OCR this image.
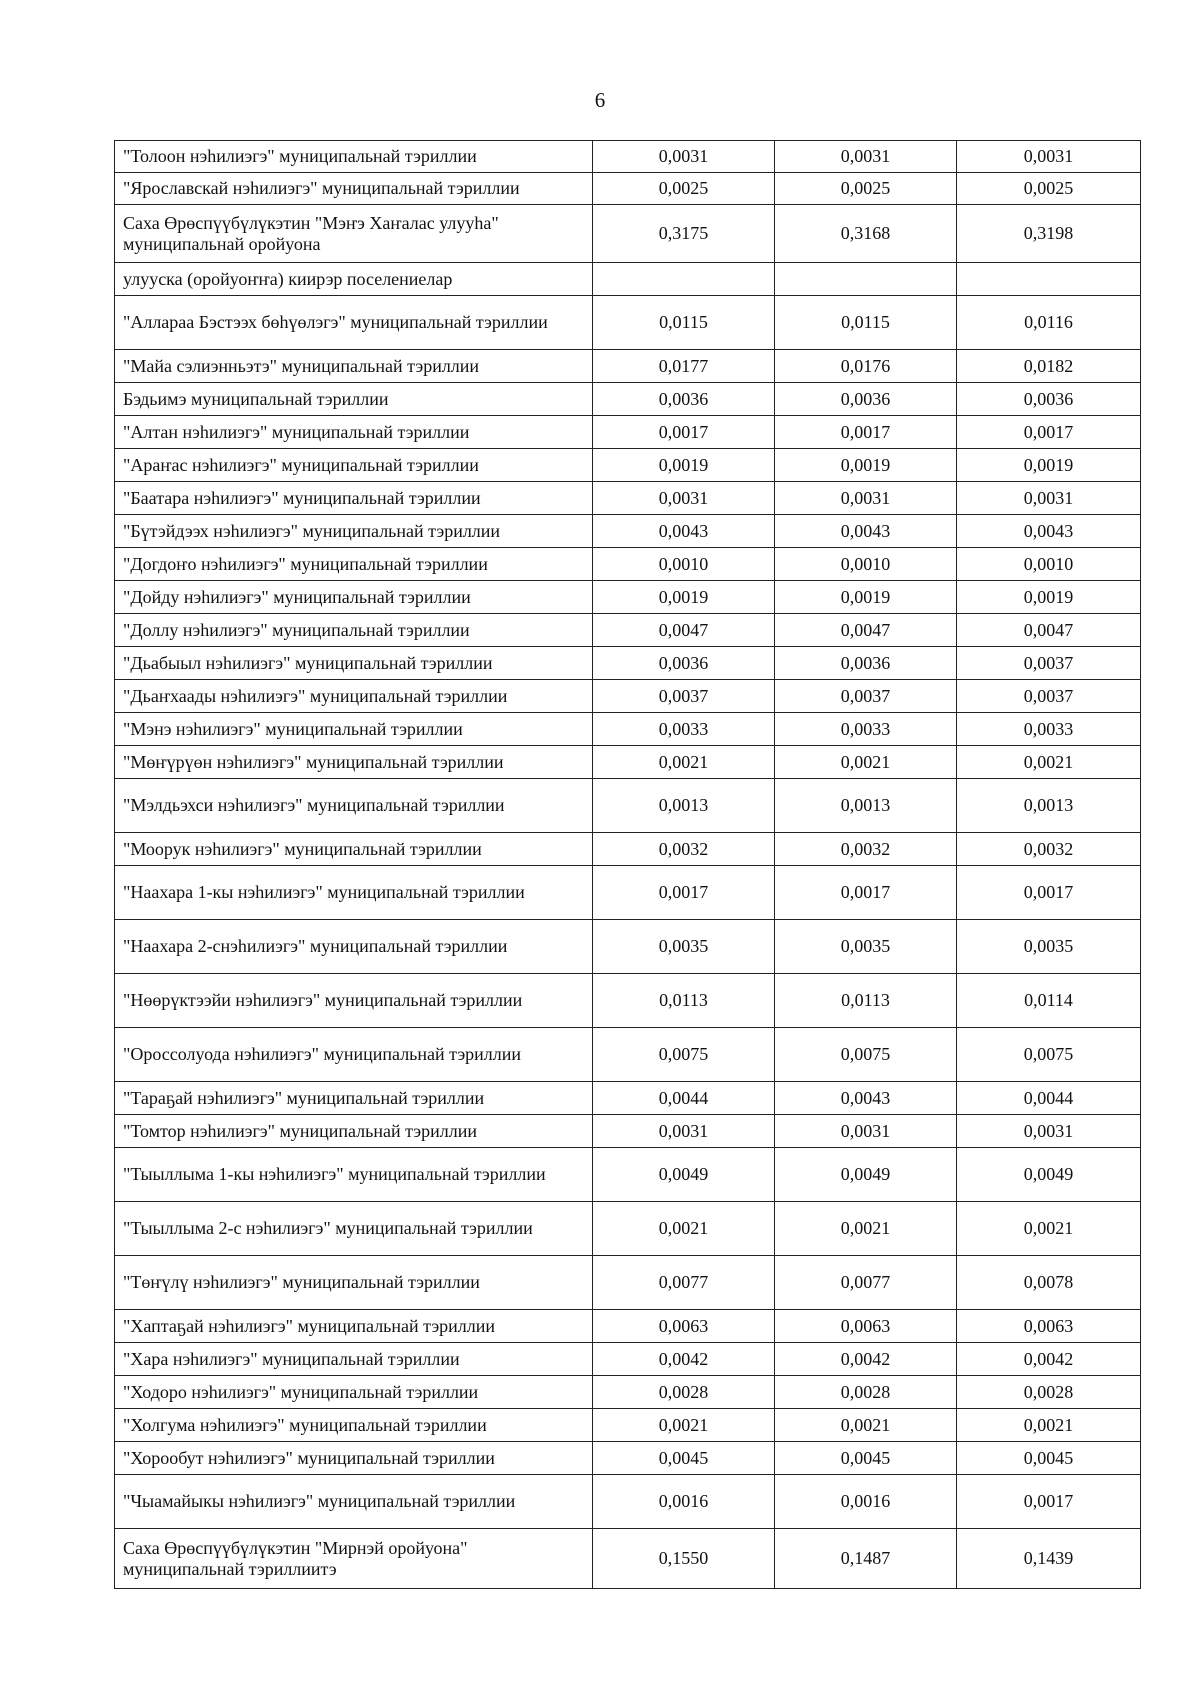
6
"Толоон нэhилиэгэ" муниципальнай тэриллии	0,0031	0,0031	0,0031
"Ярославскай нэhилиэгэ" муниципальнай тэриллии	0,0025	0,0025	0,0025
Саха Өрөспүүбүлүкэтин "Мэҥэ Хаҥалас улууhа" муниципальнай оройуона	0,3175	0,3168	0,3198
улууска (оройуоҥҥа) киирэр поселениелар			
"Аллараа Бэстээх бөhүөлэгэ" муниципальнай тэриллии	0,0115	0,0115	0,0116
"Майа сэлиэнньэтэ" муниципальнай тэриллии	0,0177	0,0176	0,0182
Бэдьимэ муниципальнай тэриллии	0,0036	0,0036	0,0036
"Алтан нэhилиэгэ" муниципальнай тэриллии	0,0017	0,0017	0,0017
"Араҥас нэhилиэгэ" муниципальнай тэриллии	0,0019	0,0019	0,0019
"Баатара нэhилиэгэ" муниципальнай тэриллии	0,0031	0,0031	0,0031
"Бүтэйдээх нэhилиэгэ" муниципальнай тэриллии	0,0043	0,0043	0,0043
"Догдоҥо нэhилиэгэ" муниципальнай тэриллии	0,0010	0,0010	0,0010
"Дойду нэhилиэгэ" муниципальнай тэриллии	0,0019	0,0019	0,0019
"Доллу нэhилиэгэ" муниципальнай тэриллии	0,0047	0,0047	0,0047
"Дьабыыл нэhилиэгэ" муниципальнай тэриллии	0,0036	0,0036	0,0037
"Дьаҥхаады нэhилиэгэ" муниципальнай тэриллии	0,0037	0,0037	0,0037
"Мэнэ нэhилиэгэ" муниципальнай тэриллии	0,0033	0,0033	0,0033
"Мөҥүрүөн нэhилиэгэ" муниципальнай тэриллии	0,0021	0,0021	0,0021
"Мэлдьэхси нэhилиэгэ" муниципальнай тэриллии	0,0013	0,0013	0,0013
"Моорук нэhилиэгэ" муниципальнай тэриллии	0,0032	0,0032	0,0032
"Наахара 1-кы нэhилиэгэ" муниципальнай тэриллии	0,0017	0,0017	0,0017
"Наахара 2-снэhилиэгэ" муниципальнай тэриллии	0,0035	0,0035	0,0035
"Нөөрүктээйи нэhилиэгэ" муниципальнай тэриллии	0,0113	0,0113	0,0114
"Ороссолуода нэhилиэгэ" муниципальнай тэриллии	0,0075	0,0075	0,0075
"Тараҕай нэhилиэгэ" муниципальнай тэриллии	0,0044	0,0043	0,0044
"Томтор нэhилиэгэ" муниципальнай тэриллии	0,0031	0,0031	0,0031
"Тыыллыма 1-кы нэhилиэгэ" муниципальнай тэриллии	0,0049	0,0049	0,0049
"Тыыллыма 2-с нэhилиэгэ" муниципальнай тэриллии	0,0021	0,0021	0,0021
"Төҥүлү нэhилиэгэ" муниципальнай тэриллии	0,0077	0,0077	0,0078
"Хаптаҕай нэhилиэгэ" муниципальнай тэриллии	0,0063	0,0063	0,0063
"Хара нэhилиэгэ" муниципальнай тэриллии	0,0042	0,0042	0,0042
"Ходоро нэhилиэгэ" муниципальнай тэриллии	0,0028	0,0028	0,0028
"Холгума нэhилиэгэ" муниципальнай тэриллии	0,0021	0,0021	0,0021
"Хорообут нэhилиэгэ" муниципальнай тэриллии	0,0045	0,0045	0,0045
"Чыамайыкы нэhилиэгэ" муниципальнай тэриллии	0,0016	0,0016	0,0017
Саха Өрөспүүбүлүкэтин "Мирнэй оройуона" муниципальнай тэриллиитэ	0,1550	0,1487	0,1439
